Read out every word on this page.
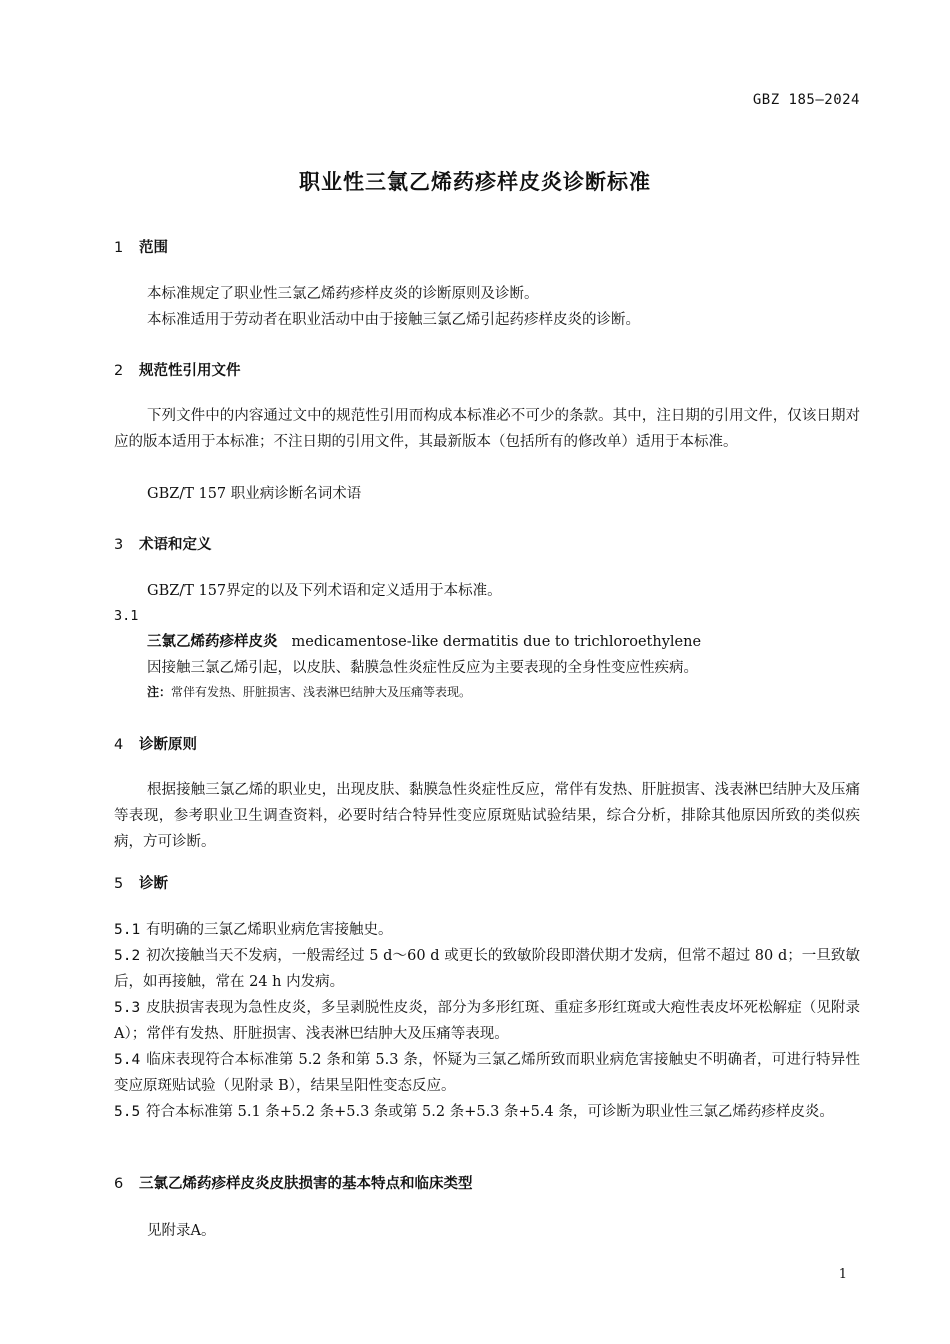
GBZ 185—2024
职业性三氯乙烯药疹样皮炎诊断标准
1 范围
本标准规定了职业性三氯乙烯药疹样皮炎的诊断原则及诊断。
本标准适用于劳动者在职业活动中由于接触三氯乙烯引起药疹样皮炎的诊断。
2 规范性引用文件
下列文件中的内容通过文中的规范性引用而构成本标准必不可少的条款。其中，注日期的引用文件，仅该日期对应的版本适用于本标准；不注日期的引用文件，其最新版本（包括所有的修改单）适用于本标准。
GBZ/T 157 职业病诊断名词术语
3 术语和定义
GBZ/T 157界定的以及下列术语和定义适用于本标准。
3.1
三氯乙烯药疹样皮炎 medicamentose-like dermatitis due to trichloroethylene
因接触三氯乙烯引起，以皮肤、黏膜急性炎症性反应为主要表现的全身性变应性疾病。
注：常伴有发热、肝脏损害、浅表淋巴结肿大及压痛等表现。
4 诊断原则
根据接触三氯乙烯的职业史，出现皮肤、黏膜急性炎症性反应，常伴有发热、肝脏损害、浅表淋巴结肿大及压痛等表现，参考职业卫生调查资料，必要时结合特异性变应原斑贴试验结果，综合分析，排除其他原因所致的类似疾病，方可诊断。
5 诊断
5.1 有明确的三氯乙烯职业病危害接触史。
5.2 初次接触当天不发病，一般需经过 5 d～60 d 或更长的致敏阶段即潜伏期才发病，但常不超过 80 d；一旦致敏后，如再接触，常在 24 h 内发病。
5.3 皮肤损害表现为急性皮炎，多呈剥脱性皮炎，部分为多形红斑、重症多形红斑或大疱性表皮坏死松解症（见附录 A）；常伴有发热、肝脏损害、浅表淋巴结肿大及压痛等表现。
5.4 临床表现符合本标准第 5.2 条和第 5.3 条，怀疑为三氯乙烯所致而职业病危害接触史不明确者，可进行特异性变应原斑贴试验（见附录 B），结果呈阳性变态反应。
5.5 符合本标准第 5.1 条+5.2 条+5.3 条或第 5.2 条+5.3 条+5.4 条，可诊断为职业性三氯乙烯药疹样皮炎。
6 三氯乙烯药疹样皮炎皮肤损害的基本特点和临床类型
见附录A。
1
